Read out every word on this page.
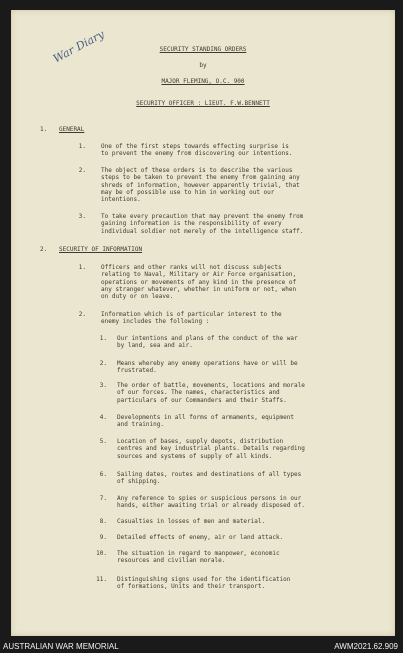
War Diary	SECURITY STANDING ORDERS
by
MAJOR FLEMING, O.C. 900
SECURITY OFFICER : LIEUT. F.W.BENNETT
1. GENERAL
1.	One of the first steps towards effecting surprise is
to prevent the enemy from discovering our intentions.
2.	The object of these orders is to describe the various
steps to be taken to prevent the enemy from gaining any
shreds of information, however apparently trivial, that
may be of possible use to him in working out our
intentions.
3.	To take every precaution that may prevent the enemy from
gaining information is the responsibility of every
individual soldier not merely of the intelligence staff.
2. SECURITY OF INFORMATION
1.	Officers and other ranks will not discuss subjects
relating to Naval, Military or Air Force organisation,
operations or movements of any kind in the presence of
any stranger whatever, whether in uniform or not, when
on duty or on leave.
2.	Information which is of particular interest to the
enemy includes the following :
1. Our intentions and plans of the conduct of the war
by land, sea and air.
2. Means whereby any enemy operations have or will be
frustrated.
3. The order of battle, movements, locations and morale
of our forces. The names, characteristics and
particulars of our Commanders and their Staffs.
4. Developments in all forms of armaments, equipment
and training.
5. Location of bases, supply depots, distribution
centres and key industrial plants. Details regarding
sources and systems of supply of all kinds.
6. Sailing dates, routes and destinations of all types
of shipping.
7. Any reference to spies or suspicious persons in our
hands, either awaiting trial or already disposed of.
8. Casualties in losses of men and material.
9. Detailed effects of enemy, air or land attack.
10. The situation in regard to manpower, economic
resources and civilian morale.
11. Distinguishing signs used for the identification
of formations, Units and their transport.
AUSTRALIAN WAR MEMORIAL	AWM2021.62.909
